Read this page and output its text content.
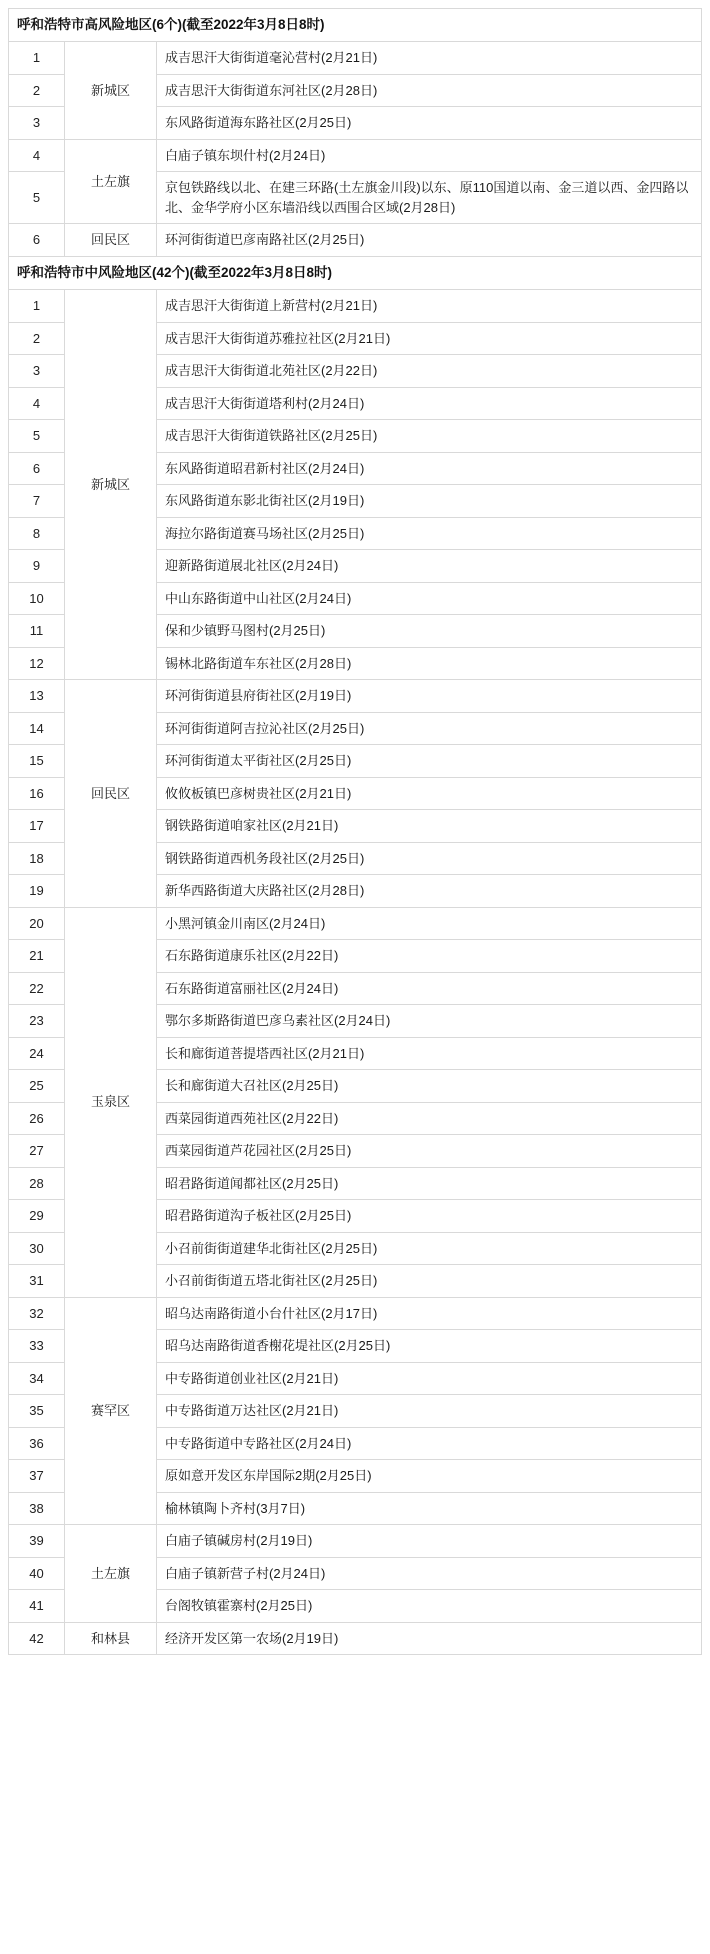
呼和浩特市高风险地区(6个)(截至2022年3月8日8时)		
1	新城区	成吉思汗大街街道毫沁营村(2月21日)
2		成吉思汗大街街道东河社区(2月28日)
3		东风路街道海东路社区(2月25日)
4	土左旗	白庙子镇东坝什村(2月24日)
5		京包铁路线以北、在建三环路(土左旗金川段)以东、原110国道以南、金三道以西、金四路以北、金华学府小区东墙沿线以西围合区域(2月28日)
6	回民区	环河街街道巴彦南路社区(2月25日)
呼和浩特市中风险地区(42个)(截至2022年3月8日8时)		
1	新城区	成吉思汗大街街道上新营村(2月21日)
2		成吉思汗大街街道苏雅拉社区(2月21日)
3		成吉思汗大街街道北苑社区(2月22日)
4		成吉思汗大街街道塔利村(2月24日)
5		成吉思汗大街街道铁路社区(2月25日)
6		东风路街道昭君新村社区(2月24日)
7		东风路街道东影北街社区(2月19日)
8		海拉尔路街道赛马场社区(2月25日)
9		迎新路街道展北社区(2月24日)
10		中山东路街道中山社区(2月24日)
11		保和少镇野马图村(2月25日)
12		锡林北路街道车东社区(2月28日)
13	回民区	环河街街道县府街社区(2月19日)
14		环河街街道阿吉拉沁社区(2月25日)
15		环河街街道太平街社区(2月25日)
16		攸攸板镇巴彦树贵社区(2月21日)
17		钢铁路街道咱家社区(2月21日)
18		钢铁路街道西机务段社区(2月25日)
19		新华西路街道大庆路社区(2月28日)
20	玉泉区	小黑河镇金川南区(2月24日)
21		石东路街道康乐社区(2月22日)
22		石东路街道富丽社区(2月24日)
23		鄂尔多斯路街道巴彦乌素社区(2月24日)
24		长和廊街道菩提塔西社区(2月21日)
25		长和廊街道大召社区(2月25日)
26		西菜园街道西苑社区(2月22日)
27		西菜园街道芦花园社区(2月25日)
28		昭君路街道闻都社区(2月25日)
29		昭君路街道沟子板社区(2月25日)
30		小召前街街道建华北街社区(2月25日)
31		小召前街街道五塔北街社区(2月25日)
32	赛罕区	昭乌达南路街道小台什社区(2月17日)
33		昭乌达南路街道香榭花堤社区(2月25日)
34		中专路街道创业社区(2月21日)
35		中专路街道万达社区(2月21日)
36		中专路街道中专路社区(2月24日)
37		原如意开发区东岸国际2期(2月25日)
38		榆林镇陶卜齐村(3月7日)
39	土左旗	白庙子镇碱房村(2月19日)
40		白庙子镇新营子村(2月24日)
41		台阁牧镇霍寨村(2月25日)
42	和林县	经济开发区第一农场(2月19日)
